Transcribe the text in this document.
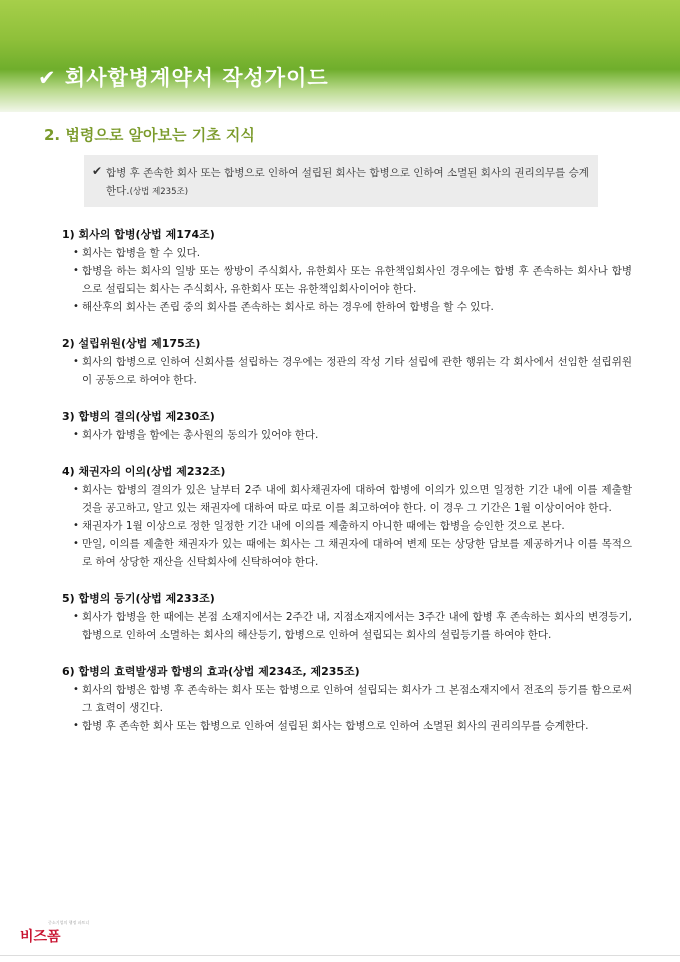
✔ 회사합병계약서 작성가이드
2. 법령으로 알아보는 기초 지식
✔ 합병 후 존속한 회사 또는 합병으로 인하여 설립된 회사는 합병으로 인하여 소멸된 회사의 권리의무를 승계한다.(상법 제235조)
1) 회사의 합병(상법 제174조)
• 회사는 합병을 할 수 있다.
• 합병을 하는 회사의 일방 또는 쌍방이 주식회사, 유한회사 또는 유한책임회사인 경우에는 합병 후 존속하는 회사나 합병으로 설립되는 회사는 주식회사, 유한회사 또는 유한책임회사이어야 한다.
• 해산후의 회사는 존립 중의 회사를 존속하는 회사로 하는 경우에 한하여 합병을 할 수 있다.
2) 설립위원(상법 제175조)
• 회사의 합병으로 인하여 신회사를 설립하는 경우에는 정관의 작성 기타 설립에 관한 행위는 각 회사에서 선임한 설립위원이 공동으로 하여야 한다.
3) 합병의 결의(상법 제230조)
• 회사가 합병을 함에는 총사원의 동의가 있어야 한다.
4) 채권자의 이의(상법 제232조)
• 회사는 합병의 결의가 있은 날부터 2주 내에 회사채권자에 대하여 합병에 이의가 있으면 일정한 기간 내에 이를 제출할 것을 공고하고, 알고 있는 채권자에 대하여 따로 따로 이를 최고하여야 한다. 이 경우 그 기간은 1월 이상이어야 한다.
• 채권자가 1월 이상으로 정한 일정한 기간 내에 이의를 제출하지 아니한 때에는 합병을 승인한 것으로 본다.
• 만일, 이의를 제출한 채권자가 있는 때에는 회사는 그 채권자에 대하여 변제 또는 상당한 담보를 제공하거나 이를 목적으로 하여 상당한 재산을 신탁회사에 신탁하여야 한다.
5) 합병의 등기(상법 제233조)
• 회사가 합병을 한 때에는 본점 소재지에서는 2주간 내, 지점소재지에서는 3주간 내에 합병 후 존속하는 회사의 변경등기, 합병으로 인하여 소멸하는 회사의 해산등기, 합병으로 인하여 설립되는 회사의 설립등기를 하여야 한다.
6) 합병의 효력발생과 합병의 효과(상법 제234조, 제235조)
• 회사의 합병은 합병 후 존속하는 회사 또는 합병으로 인하여 설립되는 회사가 그 본점소재지에서 전조의 등기를 함으로써 그 효력이 생긴다.
• 합병 후 존속한 회사 또는 합병으로 인하여 설립된 회사는 합병으로 인하여 소멸된 회사의 권리의무를 승계한다.
중소기업의 행정 파트너
비즈폼
